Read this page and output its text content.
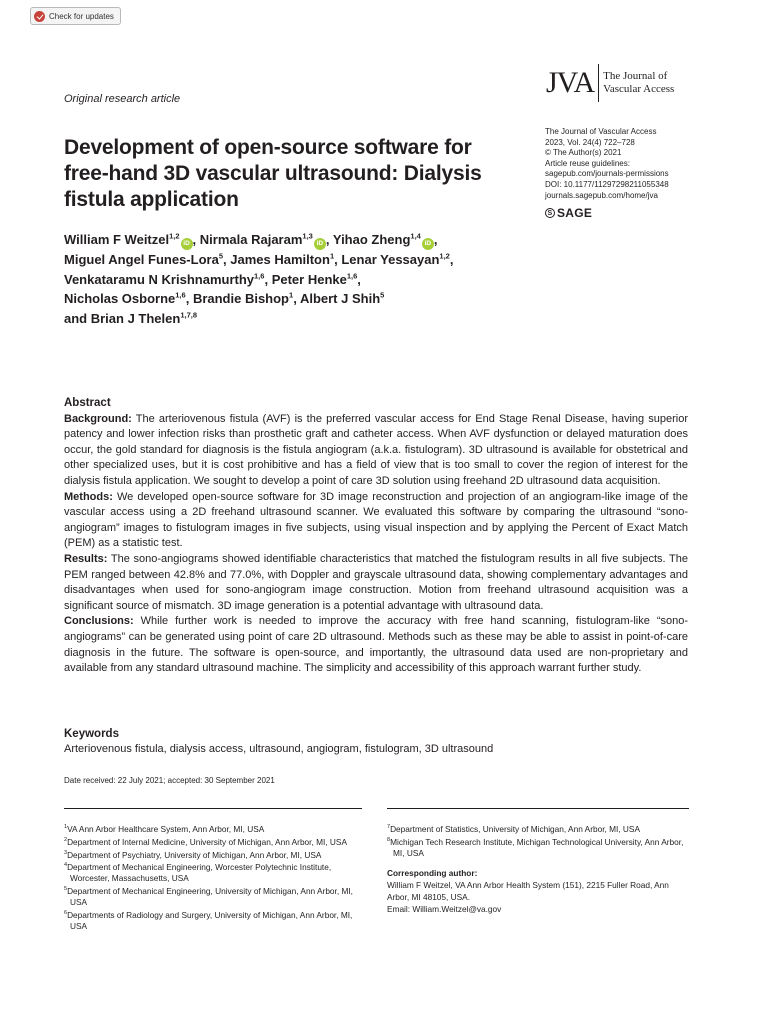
Check for updates
Original research article	JVA The Journal of
Vascular Access
The Journal of Vascular Access
2023, Vol. 24(4) 722–728
© The Author(s) 2021
Article reuse guidelines:
sagepub.com/journals-permissions
DOI: 10.1177/11297298211055348
journals.sagepub.com/home/jva
S SAGE
Development of open-source software for free-hand 3D vascular ultrasound: Dialysis fistula application
William F Weitzel$^{1,2}$iD , Nirmala Rajaram$^{1,3}$iD , Yihao Zheng$^{1,4}$iD ,
Miguel Angel Funes-Lora$^5$, James Hamilton$^1$, Lenar Yessayan$^{1,2}$,
Venkataramu N Krishnamurthy$^{1,6}$, Peter Henke$^{1,6}$,
Nicholas Osborne$^{1,6}$, Brandie Bishop$^1$, Albert J Shih$^5$
and Brian J Thelen$^{1,7,8}$
Abstract

Background: The arteriovenous fistula (AVF) is the preferred vascular access for End Stage Renal Disease, having superior patency and lower infection risks than prosthetic graft and catheter access. When AVF dysfunction or delayed maturation does occur, the gold standard for diagnosis is the fistula angiogram (a.k.a. fistulogram). 3D ultrasound is available for obstetrical and other specialized uses, but it is cost prohibitive and has a field of view that is too small to cover the region of interest for the dialysis fistula application. We sought to develop a point of care 3D solution using freehand 2D ultrasound data acquisition.

Methods: We developed open-source software for 3D image reconstruction and projection of an angiogram-like image of the vascular access using a 2D freehand ultrasound scanner. We evaluated this software by comparing the ultrasound “sono-angiogram” images to fistulogram images in five subjects, using visual inspection and by applying the Percent of Exact Match (PEM) as a statistic test.

Results: The sono-angiograms showed identifiable characteristics that matched the fistulogram results in all five subjects. The PEM ranged between 42.8% and 77.0%, with Doppler and grayscale ultrasound data, showing complementary advantages and disadvantages when used for sono-angiogram image construction. Motion from freehand ultrasound acquisition was a significant source of mismatch. 3D image generation is a potential advantage with ultrasound data.

Conclusions: While further work is needed to improve the accuracy with free hand scanning, fistulogram-like “sono-angiograms” can be generated using point of care 2D ultrasound. Methods such as these may be able to assist in point-of-care diagnosis in the future. The software is open-source, and importantly, the ultrasound data used are non-proprietary and available from any standard ultrasound machine. The simplicity and accessibility of this approach warrant further study.

Keywords
Arteriovenous fistula, dialysis access, ultrasound, angiogram, fistulogram, 3D ultrasound
Date received: 22 July 2021; accepted: 30 September 2021
$^1$VA Ann Arbor Healthcare System, Ann Arbor, MI, USA
$^2$Department of Internal Medicine, University of Michigan, Ann Arbor, MI, USA
$^3$Department of Psychiatry, University of Michigan, Ann Arbor, MI, USA
$^4$Department of Mechanical Engineering, Worcester Polytechnic Institute, Worcester, Massachusetts, USA
$^5$Department of Mechanical Engineering, University of Michigan, Ann Arbor, MI, USA
$^6$Departments of Radiology and Surgery, University of Michigan, Ann Arbor, MI, USA
$^7$Department of Statistics, University of Michigan, Ann Arbor, MI, USA
$^8$Michigan Tech Research Institute, Michigan Technological University, Ann Arbor, MI, USA
Corresponding author:
William F Weitzel, VA Ann Arbor Health System (151), 2215 Fuller Road, Ann Arbor, MI 48105, USA.
Email: William.Weitzel@va.gov
